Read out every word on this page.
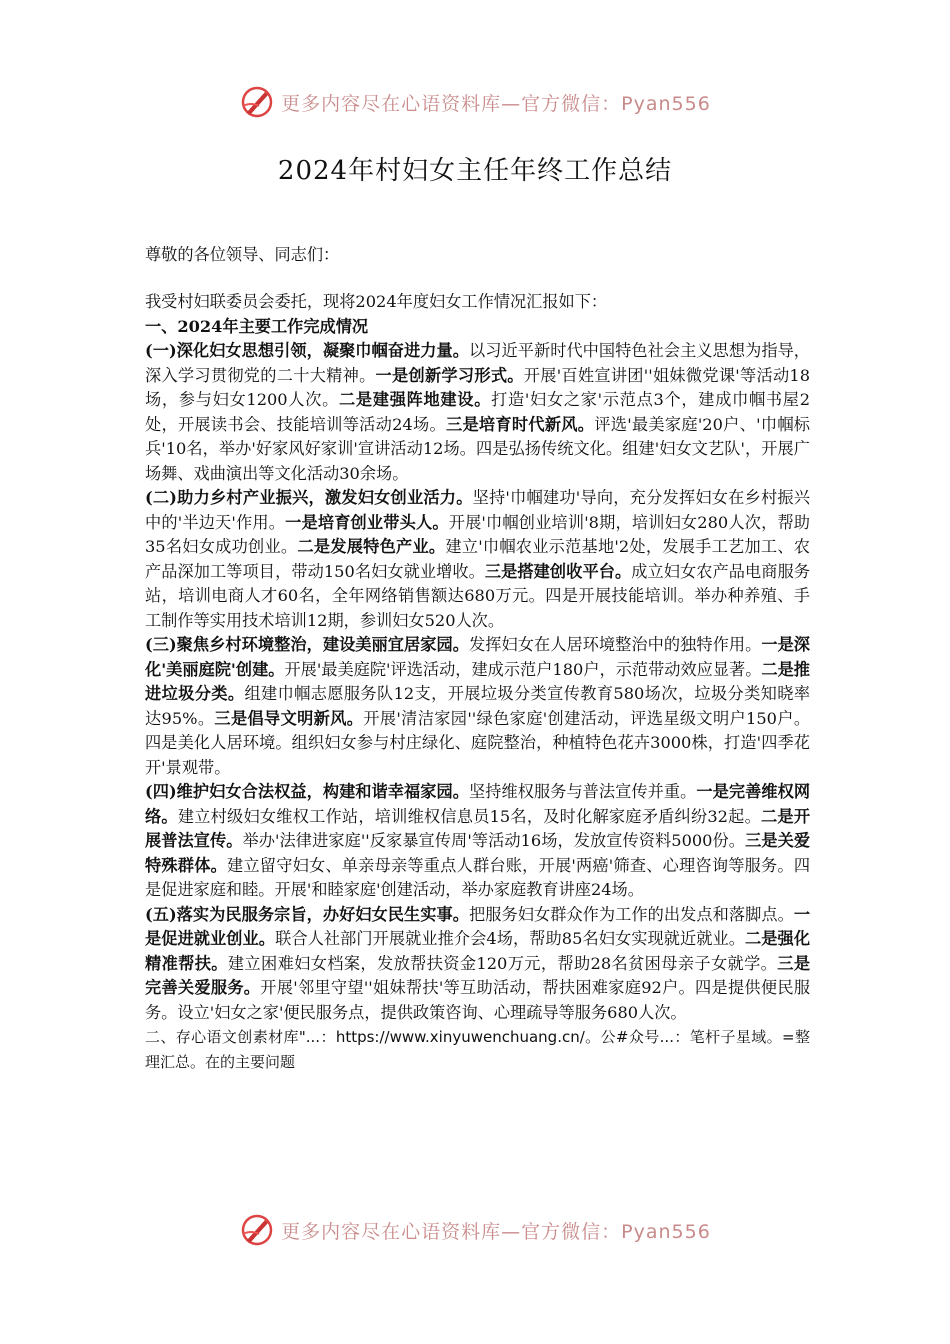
更多内容尽在心语资料库—官方微信：Pyan556
2024年村妇女主任年终工作总结
尊敬的各位领导、同志们：

我受村妇联委员会委托，现将2024年度妇女工作情况汇报如下：

一、2024年主要工作完成情况

(一)深化妇女思想引领，凝聚巾帼奋进力量。以习近平新时代中国特色社会主义思想为指导，深入学习贯彻党的二十大精神。一是创新学习形式。开展'百姓宣讲团''姐妹微党课'等活动18场，参与妇女1200人次。二是建强阵地建设。打造'妇女之家'示范点3个，建成巾帼书屋2处，开展读书会、技能培训等活动24场。三是培育时代新风。评选'最美家庭'20户、'巾帼标兵'10名，举办'好家风好家训'宣讲活动12场。四是弘扬传统文化。组建'妇女文艺队'，开展广场舞、戏曲演出等文化活动30余场。

(二)助力乡村产业振兴，激发妇女创业活力。坚持'巾帼建功'导向，充分发挥妇女在乡村振兴中的'半边天'作用。一是培育创业带头人。开展'巾帼创业培训'8期，培训妇女280人次，帮助35名妇女成功创业。二是发展特色产业。建立'巾帼农业示范基地'2处，发展手工艺加工、农产品深加工等项目，带动150名妇女就业增收。三是搭建创收平台。成立妇女农产品电商服务站，培训电商人才60名，全年网络销售额达680万元。四是开展技能培训。举办种养殖、手工制作等实用技术培训12期，参训妇女520人次。

(三)聚焦乡村环境整治，建设美丽宜居家园。发挥妇女在人居环境整治中的独特作用。一是深化'美丽庭院'创建。开展'最美庭院'评选活动，建成示范户180户，示范带动效应显著。二是推进垃圾分类。组建巾帼志愿服务队12支，开展垃圾分类宣传教育580场次，垃圾分类知晓率达95%。三是倡导文明新风。开展'清洁家园''绿色家庭'创建活动，评选星级文明户150户。四是美化人居环境。组织妇女参与村庄绿化、庭院整治，种植特色花卉3000株，打造'四季花开'景观带。

(四)维护妇女合法权益，构建和谐幸福家园。坚持维权服务与普法宣传并重。一是完善维权网络。建立村级妇女维权工作站，培训维权信息员15名，及时化解家庭矛盾纠纷32起。二是开展普法宣传。举办'法律进家庭''反家暴宣传周'等活动16场，发放宣传资料5000份。三是关爱特殊群体。建立留守妇女、单亲母亲等重点人群台账，开展'两癌'筛查、心理咨询等服务。四是促进家庭和睦。开展'和睦家庭'创建活动，举办家庭教育讲座24场。

(五)落实为民服务宗旨，办好妇女民生实事。把服务妇女群众作为工作的出发点和落脚点。一是促进就业创业。联合人社部门开展就业推介会4场，帮助85名妇女实现就近就业。二是强化精准帮扶。建立困难妇女档案，发放帮扶资金120万元，帮助28名贫困母亲子女就学。三是完善关爱服务。开展'邻里守望''姐妹帮扶'等互助活动，帮扶困难家庭92户。四是提供便民服务。设立'妇女之家'便民服务点，提供政策咨询、心理疏导等服务680人次。

二、存心语文创素材库"...：https://www.xinyuwenchuang.cn/。公#众号...：笔杆子星域。=整理汇总。在的主要问题

更多内容尽在心语资料库—官方微信：Pyan556
